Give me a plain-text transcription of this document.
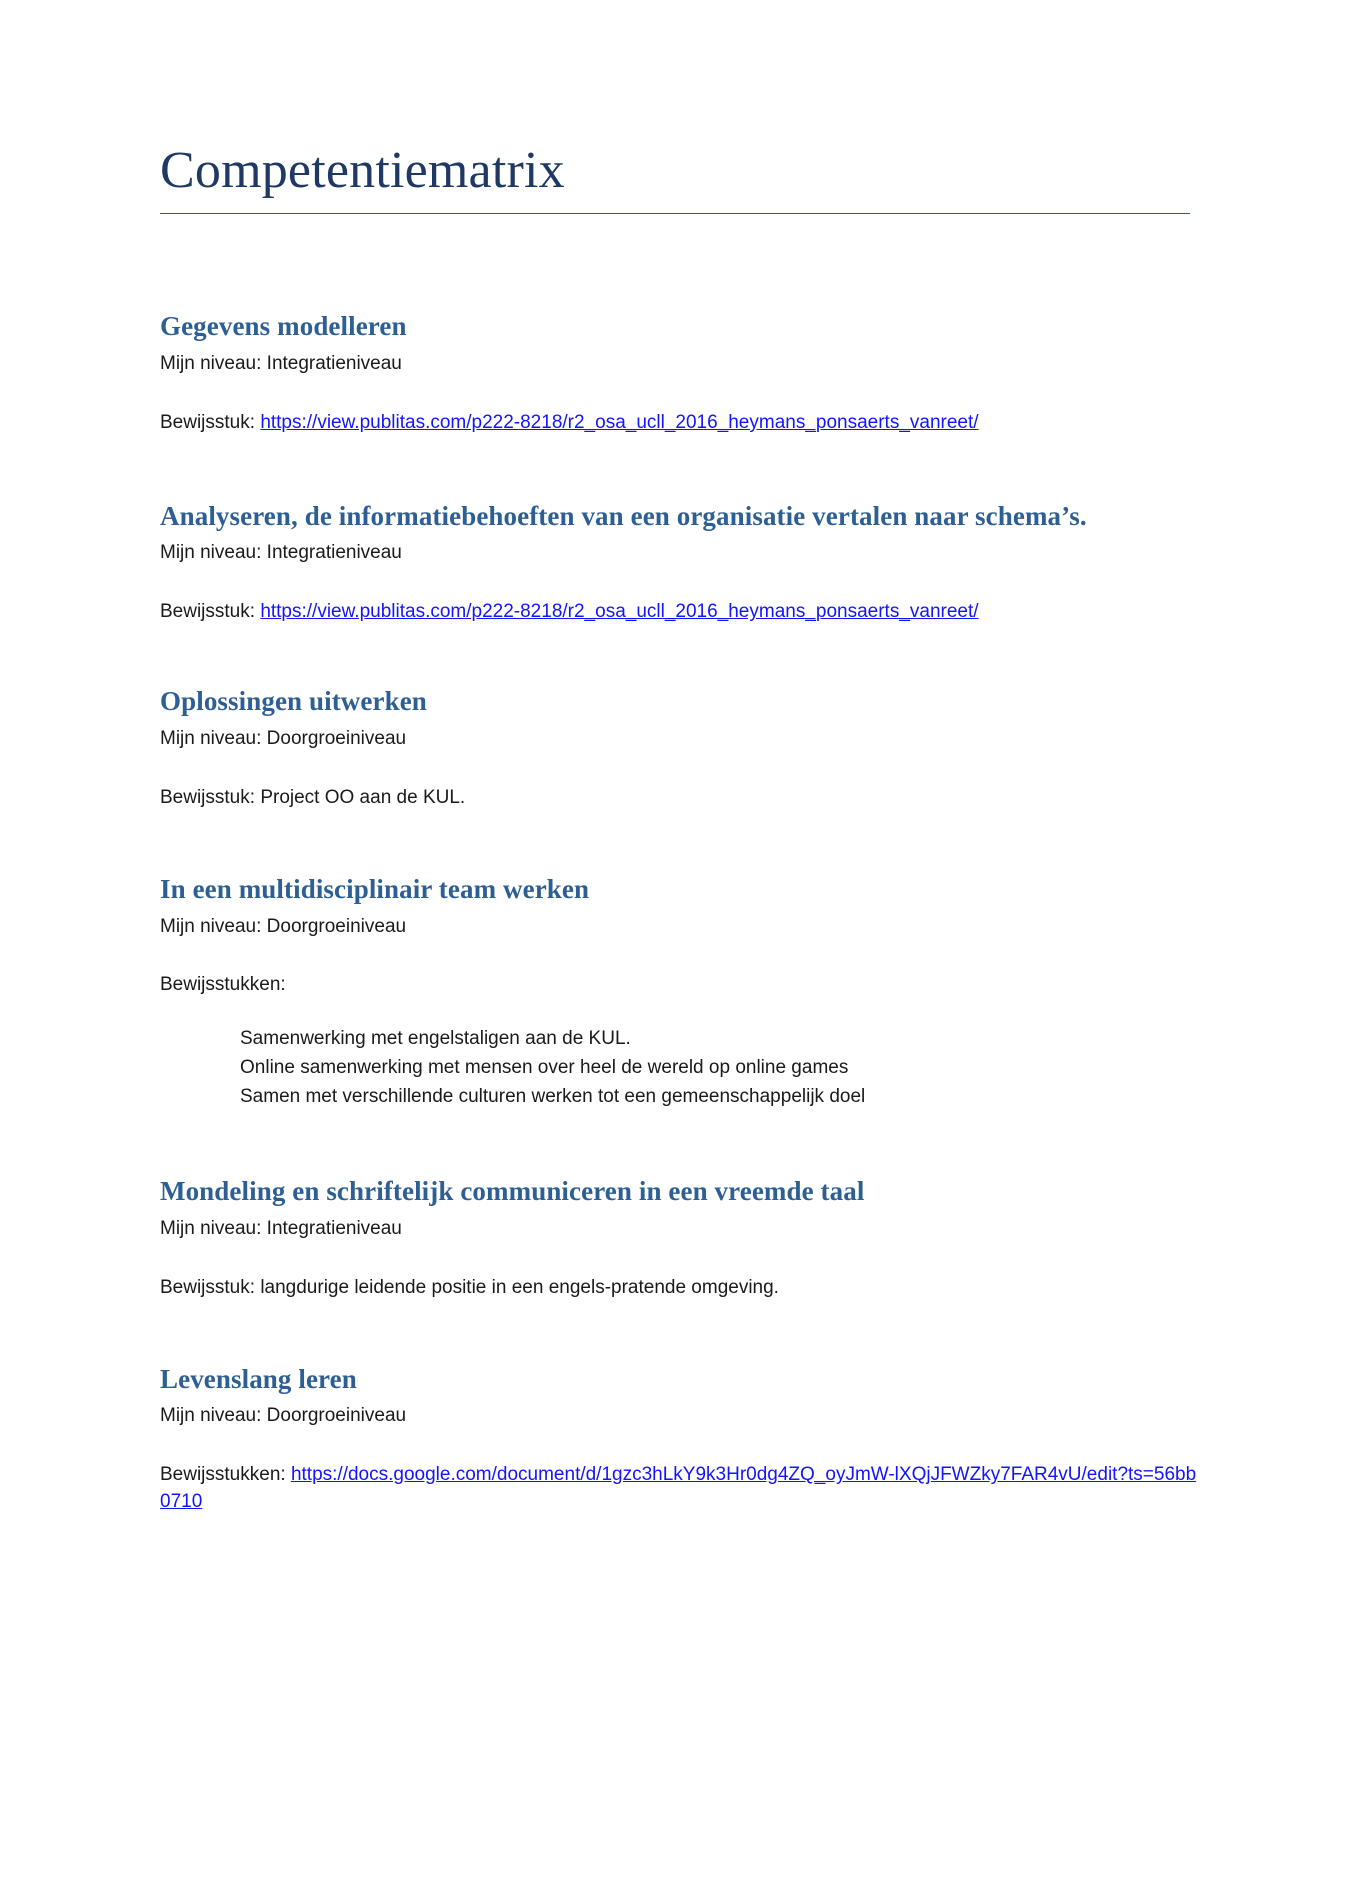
Competentiematrix
Gegevens modelleren

Mijn niveau: Integratieniveau

Bewijsstuk: https://view.publitas.com/p222-8218/r2_osa_ucll_2016_heymans_ponsaerts_vanreet/

Analyseren, de informatiebehoeften van een organisatie vertalen naar schema’s.

Mijn niveau: Integratieniveau

Bewijsstuk: https://view.publitas.com/p222-8218/r2_osa_ucll_2016_heymans_ponsaerts_vanreet/

Oplossingen uitwerken

Mijn niveau: Doorgroeiniveau

Bewijsstuk: Project OO aan de KUL.

In een multidisciplinair team werken

Mijn niveau: Doorgroeiniveau

Bewijsstukken:

Samenwerking met engelstaligen aan de KUL.
Online samenwerking met mensen over heel de wereld op online games
Samen met verschillende culturen werken tot een gemeenschappelijk doel
Mondeling en schriftelijk communiceren in een vreemde taal

Mijn niveau: Integratieniveau

Bewijsstuk: langdurige leidende positie in een engels-pratende omgeving.

Levenslang leren

Mijn niveau: Doorgroeiniveau

Bewijsstukken: https://docs.google.com/document/d/1gzc3hLkY9k3Hr0dg4ZQ_oyJmW-lXQjJFWZky7FAR4vU/edit?ts=56bb0710
